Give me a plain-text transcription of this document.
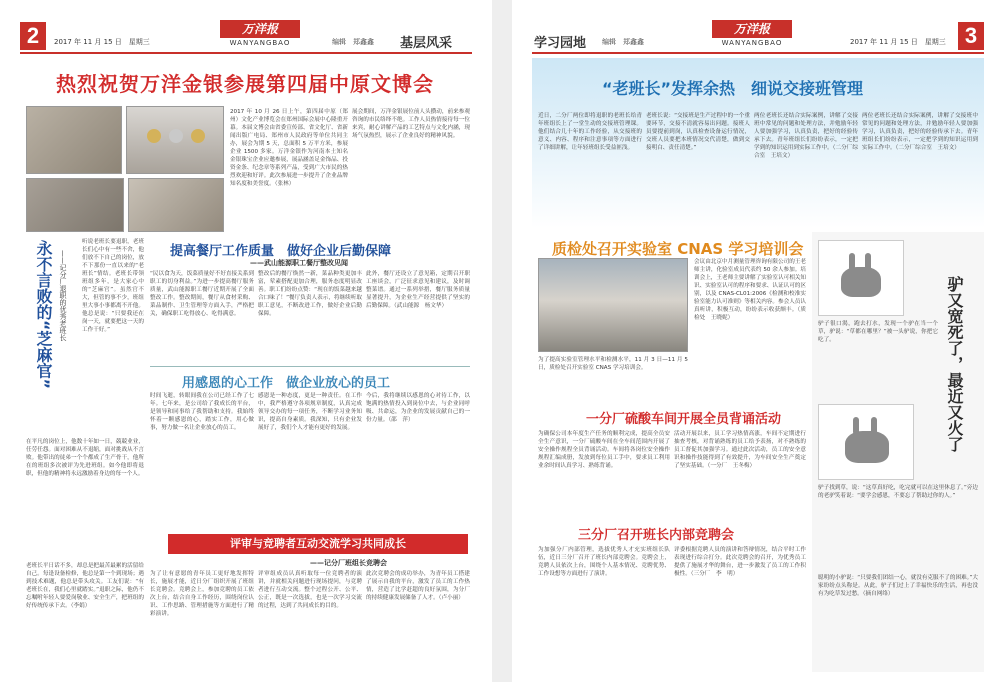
2	万洋报
WANYANGBAO
2017 年 11 月 15 日　星期三	编辑　郑鑫鑫 基层风采
热烈祝贺万洋金银参展第四届中原文博会
2017 年 10 月 26 日上午，第四届中原（郑州）文化产业博览会在郑州国际会展中心隆重开幕。本届文博会由省委宣传部、省文化厅、省新闻出版广电局、郑州市人民政府等单位共同主办，展会为期 5 天，总面积 5 万平方米，参展企业 1500 多家。万洋金银作为河南本土知名金银珠宝企业应邀参展，展品涵盖足金饰品、投资金条、纪念章等系列产品，受到广大市民的热烈欢迎和好评。此次参展进一步提升了企业品牌知名度和美誉度。（张林）
展会期间，万洋金银展位前人头攒动，前来参观咨询的市民络绎不绝。工作人员热情接待每一位来宾，耐心讲解产品的工艺特点与文化内涵，现场气氛热烈，展示了企业良好的精神风貌。
永不言败的“芝麻官” ——记分厂退职的优秀老班长
听说老班长要退职，老班长们心中有一些不舍，他们放不下自己的岗位，放不下那份一直以来的“老班长”情结。老班长带领班组多年，是大家心中的“芝麻官”。虽然官不大，但管的事不少，班组里大事小事都离不开他。他总是说：“只要我还在岗一天，就要把这一天的工作干好。”
在平凡的岗位上，他数十年如一日，兢兢业业，任劳任怨。面对困难从不退缩，面对挑战从不言败。他带出的徒弟一个个都成了生产骨干，他所在的班组多次被评为先进班组。如今他即将退职，但他的精神将永远激励着身边的每一个人。
老班长平日话不多，却总是把最苦最累的活留给自己。每逢设备检修，他总是第一个到现场；遇到技术难题，他总是带头攻关。工友们说：“有老班长在，我们心里就踏实。”退职之际，他仍不忘嘱咐年轻人要爱岗敬业、安全生产，把班组的好传统传承下去。（李娟）
提高餐厅工作质量　做好企业后勤保障
——武山能源职工餐厅整改见闻
“民以食为天，饭菜质量好不好直接关系到职工的切身利益。”为进一步提高餐厅服务质量，武山能源职工餐厅近期开展了全面整改工作。整改期间，餐厅从食材采购、菜品制作、卫生管理等方面入手，严格把关，确保职工吃得放心、吃得满意。
整改后的餐厅焕然一新，菜品种类更加丰富，荤素搭配更加合理，服务态度明显改善。职工们纷纷点赞：“现在的饭菜越来越合口味了！”餐厅负责人表示，将继续听取职工意见，不断改进工作，做好企业后勤保障。
此外，餐厅还设立了意见箱，定期召开职工座谈会，广泛征求意见和建议，及时调整菜谱。通过一系列举措，餐厅服务质量显著提升，为企业生产经营提供了坚实的后勤保障。（武山能源　杨文华）
用感恩的心工作　做企业放心的员工
时间飞逝，转眼间我在公司已经工作了七年。七年来，是公司给了我成长的平台，是领导和同事给了我帮助和支持。我始终怀着一颗感恩的心，踏实工作，用心做事，努力做一名让企业放心的员工。
感恩是一种态度，更是一种责任。在工作中，我严格遵守各项规章制度，认真完成领导交办的每一项任务，不断学习业务知识，提高自身素质。我深知，只有企业发展好了，我们个人才能有更好的发展。
今后，我将继续以感恩的心对待工作，以饱满的热情投入到岗位中去，与企业同呼吸、共命运，为企业的发展贡献自己的一份力量。（邵　萍）
评审与竞聘者互动交流学习共同成长
——记分厂班组长竞聘会
为了让有意愿的青年员工更好地发挥特长，施展才能，近日分厂组织开展了班组长竞聘会。竞聘会上，参加竞聘的员工依次上台，结合自身工作经历，围绕岗位认识、工作思路、管理措施等方面进行了精彩演讲。
评审组成员认真听取每一位竞聘者的演讲，并就相关问题进行现场提问，与竞聘者进行互动交流。整个过程公开、公平、公正，既是一次选拔，也是一次学习交流的过程，达到了共同成长的目的。
此次竞聘会的成功举办，为青年员工搭建了展示自我的平台，激发了员工的工作热情，营造了比学赶超的良好氛围，为分厂的持续健康发展储备了人才。（卢小丽）
学习园地 编辑　郑鑫鑫
万洋报
WANYANGBAO	2017 年 11 月 15 日　星期三 3
“老班长”发挥余热　细说交接班管理
近日，二分厂两位即将退职的老班长给青年班组长上了一堂生动的交接班管理课。他们结合几十年的工作经验，从交接班的意义、内容、程序和注意事项等方面进行了详细讲解，让年轻班组长受益匪浅。
老班长说：“交接班是生产过程中的一个重要环节，交接不清就容易出问题。接班人员要提前到岗，认真检查设备运行情况，交班人员要把本班情况交代清楚，做到交接明白、责任清楚。”
两位老班长还结合实际案例，讲解了交接班中常见的问题和处理方法，并勉励年轻人要加强学习，认真负责，把好的经验传承下去。青年班组长们纷纷表示，一定把学到的知识运用到实际工作中。（二分厂综合室　王培文）
两位老班长还结合实际案例，讲解了交接班中常见的问题和处理方法，并勉励年轻人要加强学习，认真负责，把好的经验传承下去。青年班组长们纷纷表示，一定把学到的知识运用到实际工作中。（二分厂综合室　王培文）
质检处召开实验室 CNAS 学习培训会
为了提高实验室管理水平和检测水平，11 月 3 日—11 月 5 日，质检处召开实验室 CNAS 学习培训会。
会议由北京中月测量管理咨询有限公司的王老师主讲，化验室成员代表约 50 余人参加。培训会上，王老师主要讲解了实验室认可相关知识、实验室认可的程序和要求、认证认可的区别，以及 CNAS-CL01:2006《检测和校准实验室能力认可准则》等相关内容。参会人员认真听讲，积极互动，纷纷表示收获颇丰。（质检处　王晓妮）
一分厂硫酸车间开展全员背诵活动
为确保公司本年度生产任务的顺利完成，提高全员安全生产意识，一分厂硫酸车间在全车间范围内开展了安全操作规程全员背诵活动。车间将各岗位安全操作规程汇编成册，发放到每位员工手中，要求员工利用业余时间认真学习、熟练背诵。
活动开展以来，员工学习热情高涨，车间不定期进行抽查考核，对背诵熟练的员工给予表扬，对不熟练的员工督促其加强学习。通过此次活动，员工的安全意识和操作技能得到了有效提升，为车间安全生产奠定了坚实基础。（一分厂　王冬梅）
三分厂召开班长内部竞聘会
为加强分厂内部管理，选拔优秀人才充实班组长队伍，近日三分厂召开了班长内部竞聘会。竞聘会上，竞聘人员依次上台，围绕个人基本情况、竞聘优势、工作设想等方面进行了演讲。
评委根据竞聘人员的演讲和答辩情况，结合平时工作表现进行综合打分。此次竞聘会的召开，为优秀员工提供了施展才华的舞台，进一步激发了员工的工作积极性。（三分厂　李　明）
驴又宽死了，最近又火了
驴子很口渴，跑去打水，发现一个驴在当一个草，驴说：“草都在哪里？”被一头驴说，你把它吃了。
驴子找到草，说：“这草真好吃，吃完就可以在这里休息了。”旁边的老驴笑着说：“要学会感恩，不要忘了帮助过你的人。”
聪明的小驴说：“只要我们团结一心，就没有克服不了的困难。”大家纷纷点头称是。从此，驴子们过上了幸福快乐的生活，再也没有为吃草发过愁。（摘自网络）
